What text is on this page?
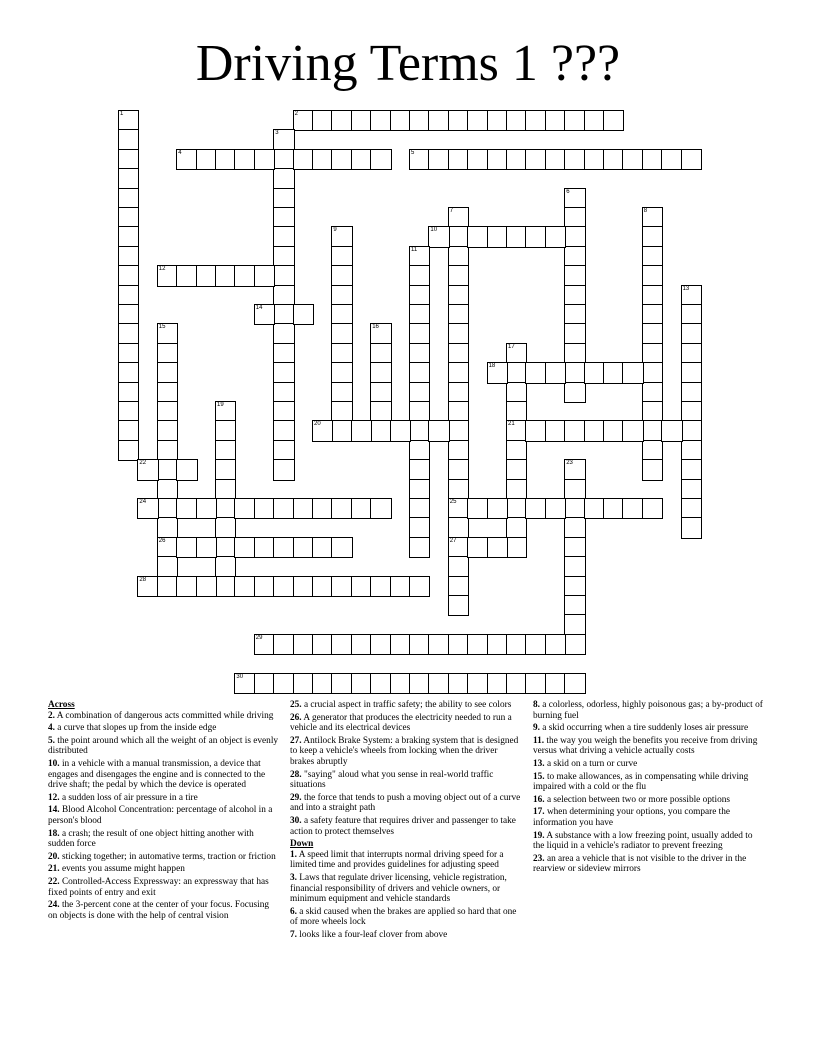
Driving Terms 1 ???
1	2
3
4	5
6
7
25
27
8
9	10
11
12
13
14
15
26
16
17
21
18
19
20
22	23
24
28
29
30
Across
2. A combination of dangerous acts committed while driving
4. a curve that slopes up from the inside edge
5. the point around which all the weight of an object is evenly distributed
10. in a vehicle with a manual transmission, a device that engages and disengages the engine and is connected to the drive shaft; the pedal by which the device is operated
12. a sudden loss of air pressure in a tire
14. Blood Alcohol Concentration: percentage of alcohol in a person's blood
18. a crash; the result of one object hitting another with sudden force
20. sticking together; in automative terms, traction or friction
21. events you assume might happen
22. Controlled-Access Expressway: an expressway that has fixed points of entry and exit
24. the 3-percent cone at the center of your focus. Focusing on objects is done with the help of central vision
25. a crucial aspect in traffic safety; the ability to see colors
26. A generator that produces the electricity needed to run a vehicle and its electrical devices
27. Antilock Brake System: a braking system that is designed to keep a vehicle's wheels from locking when the driver brakes abruptly
28. "saying" aloud what you sense in real-world traffic situations
29. the force that tends to push a moving object out of a curve and into a straight path
30. a safety feature that requires driver and passenger to take action to protect themselves
Down
1. A speed limit that interrupts normal driving speed for a limited time and provides guidelines for adjusting speed
3. Laws that regulate driver licensing, vehicle registration, financial responsibility of drivers and vehicle owners, or minimum equipment and vehicle standards
6. a skid caused when the brakes are applied so hard that one of more wheels lock
7. looks like a four-leaf clover from above
8. a colorless, odorless, highly poisonous gas; a by-product of burning fuel
9. a skid occurring when a tire suddenly loses air pressure
11. the way you weigh the benefits you receive from driving versus what driving a vehicle actually costs
13. a skid on a turn or curve
15. to make allowances, as in compensating while driving impaired with a cold or the flu
16. a selection between two or more possible options
17. when determining your options, you compare the information you have
19. A substance with a low freezing point, usually added to the liquid in a vehicle's radiator to prevent freezing
23. an area a vehicle that is not visible to the driver in the rearview or sideview mirrors
